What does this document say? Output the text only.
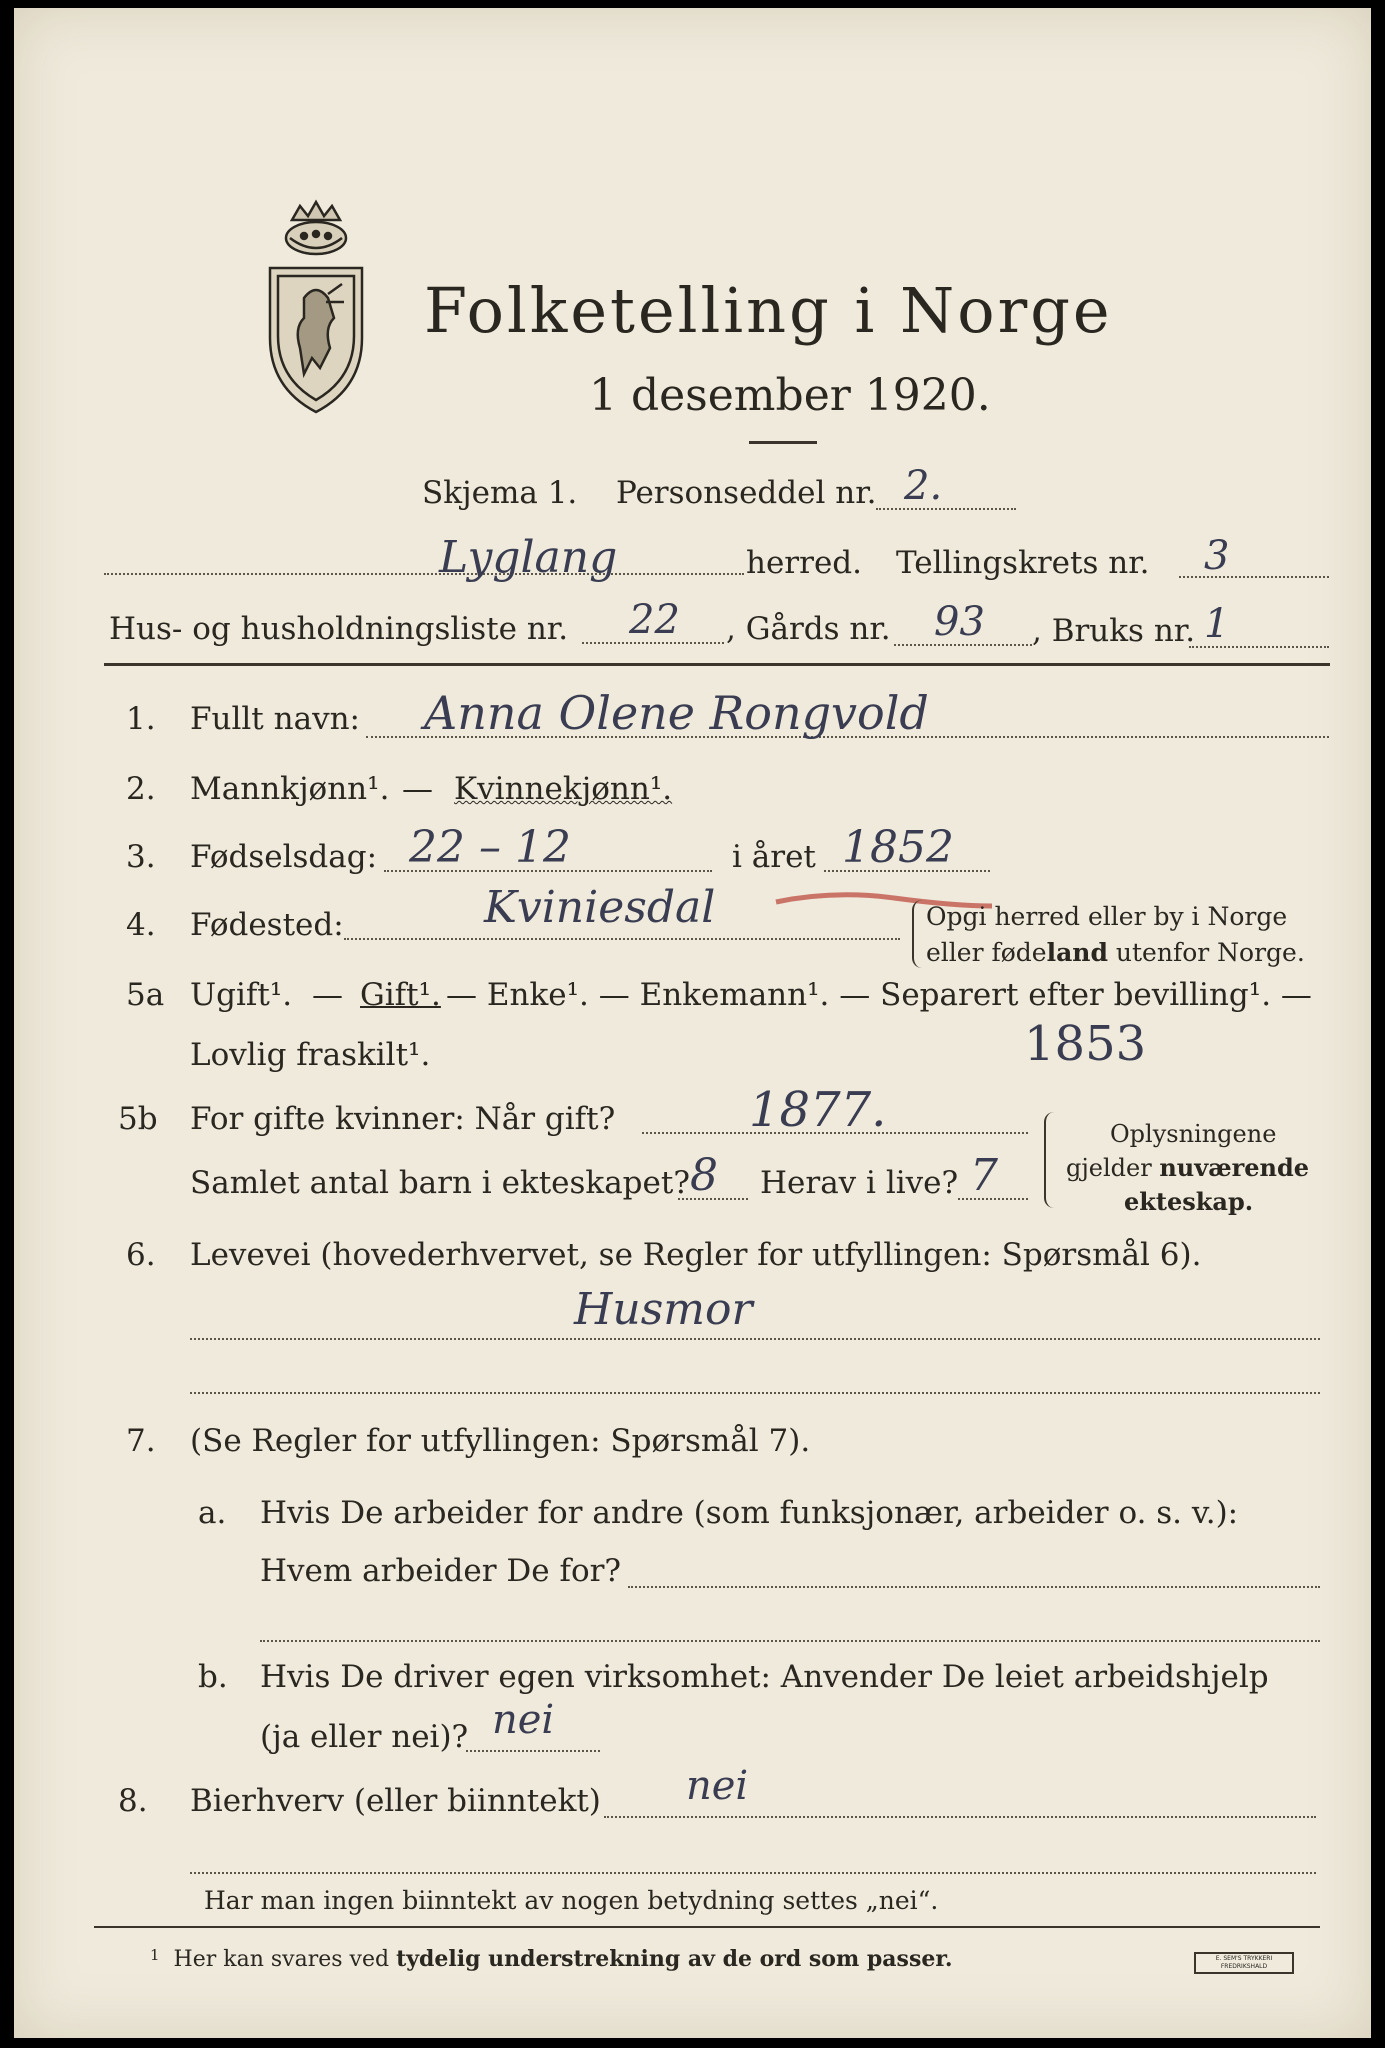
Folketelling i Norge
1 desember 1920.
Skjema 1. Personseddel nr. 2.
Lyglang	herred. Tellingskrets nr. 3
Hus- og husholdningsliste nr. 22 , Gårds nr. 93 , Bruks nr. 1
1. Fullt navn: Anna Olene Rongvold
2. Mannkjønn¹. — Kvinnekjønn¹.
3. Fødselsdag: 22 – 12	i året 1852
4. Fødested:	Kviniesdal	Opgi herred eller by i Norge
eller fødeland utenfor Norge.
5a Ugift¹. — Gift¹. — Enke¹. — Enkemann¹. — Separert efter bevilling¹. —
Lovlig fraskilt¹.	1853
5b For gifte kvinner: Når gift?	1877.
Samlet antal barn i ekteskapet? 8 Herav i live? 7
Oplysningene
gjelder nuværende
ekteskap.
6. Levevei (hovederhvervet, se Regler for utfyllingen: Spørsmål 6).
Husmor
7. (Se Regler for utfyllingen: Spørsmål 7).
a. Hvis De arbeider for andre (som funksjonær, arbeider o. s. v.):
Hvem arbeider De for?
b. Hvis De driver egen virksomhet: Anvender De leiet arbeidshjelp
(ja eller nei)? nei
8. Bierhverv (eller biinntekt) nei
Har man ingen biinntekt av nogen betydning settes „nei“.
$^1$ Her kan svares ved tydelig understrekning av de ord som passer.	E. SEM'S TRYKKERI FREDRIKSHALD
